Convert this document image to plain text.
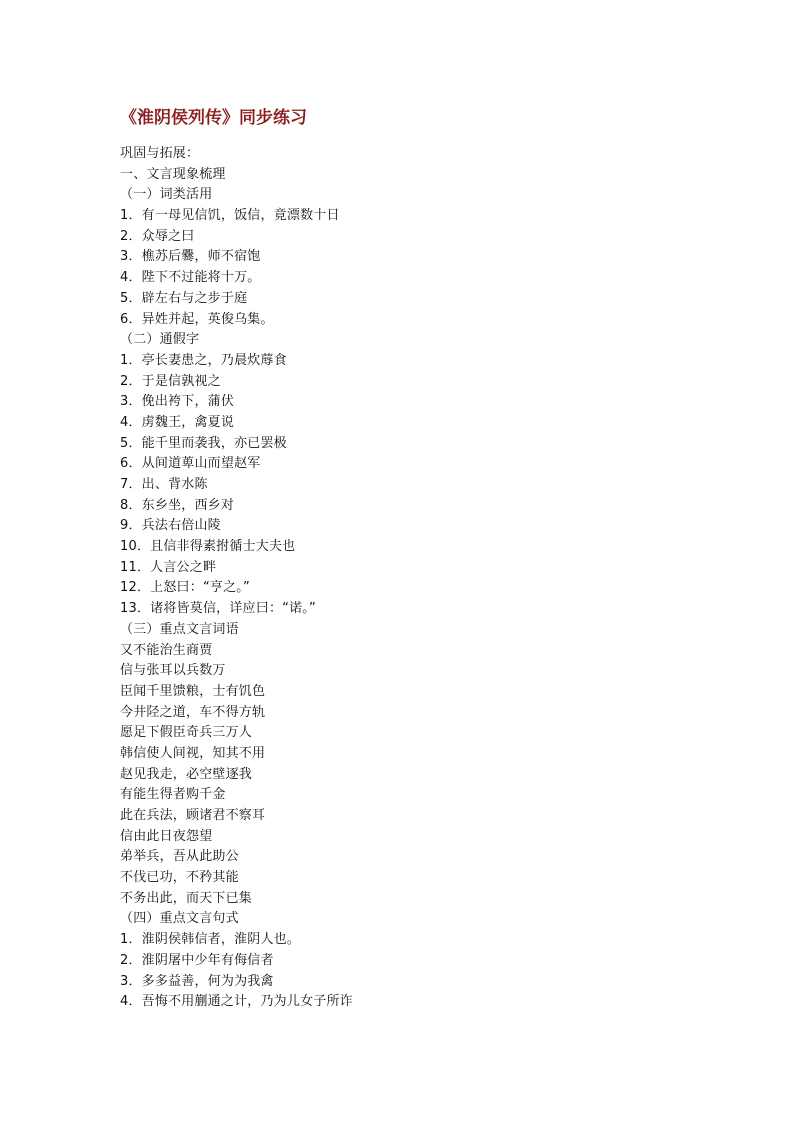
《淮阴侯列传》同步练习
巩固与拓展：
一、文言现象梳理
（一）词类活用
1．有一母见信饥，饭信，竟漂数十日
2．众辱之曰
3．樵苏后爨，师不宿饱
4．陛下不过能将十万。
5．辟左右与之步于庭
6．异姓并起，英俊乌集。
（二）通假字
1．亭长妻患之，乃晨炊蓐食
2．于是信孰视之
3．俛出袴下，蒲伏
4．虏魏王，禽夏说
5．能千里而袭我，亦已罢极
6．从间道萆山而望赵军
7．出、背水陈
8．东乡坐，西乡对
9．兵法右倍山陵
10．且信非得素拊循士大夫也
11．人言公之畔
12．上怒曰：“亨之。”
13．诸将皆莫信，详应曰：“诺。”
（三）重点文言词语
又不能治生商贾
信与张耳以兵数万
臣闻千里馈粮，士有饥色
今井陉之道，车不得方轨
愿足下假臣奇兵三万人
韩信使人间视，知其不用
赵见我走，必空壁逐我
有能生得者购千金
此在兵法，顾诸君不察耳
信由此日夜怨望
弟举兵，吾从此助公
不伐已功，不矜其能
不务出此，而天下已集
（四）重点文言句式
1．淮阴侯韩信者，淮阴人也。
2．淮阴屠中少年有侮信者
3．多多益善，何为为我禽
4．吾悔不用蒯通之计，乃为儿女子所诈
